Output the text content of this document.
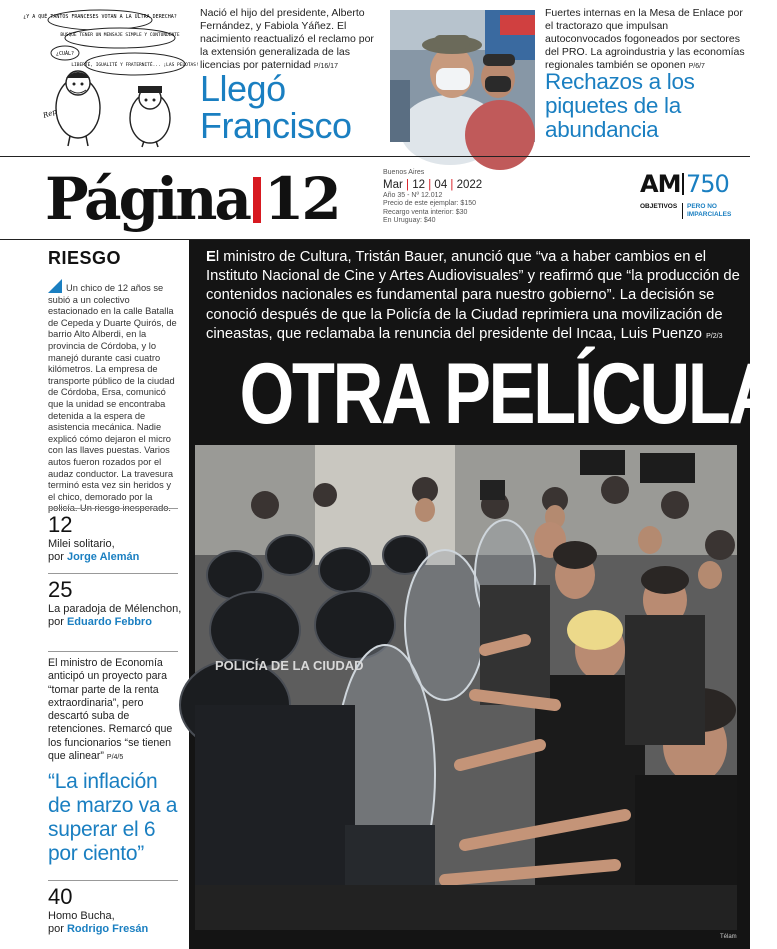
¿Y A QUÉ TANTOS FRANCESES VOTAN A LA ULTRA DERECHA?
BUSQUE TENER UN MENSAJE SIMPLE Y CONTUNDENTE
¿CUÁL?
LIBERTÉ, IGUALITÉ Y FRATERNITÉ... ¡LAS PELOTAS!
Rep
Nació el hijo del presidente, Alberto Fernández, y Fabiola Yáñez. El nacimiento reactualizó el reclamo por la extensión generalizada de las licencias por paternidad P/16/17
Llegó
Francisco
Fuertes internas en la Mesa de Enlace por el tractorazo que impulsan autoconvocados fogoneados por sectores del PRO. La agroindustria y las economías regionales también se oponen P/6/7
Rechazos a los
piquetes de la
abundancia
Página 12	Buenos Aires
Mar | 12 | 04 | 2022
Año 35 - Nº 12.012
Precio de este ejemplar: $150
Recargo venta interior: $30
En Uruguay: $40
AM 750
OBJETIVOS	PERO NO
IMPARCIALES
RIESGO
Un chico de 12 años se subió a un colectivo estacionado en la calle Batalla de Cepeda y Duarte Quirós, de barrio Alto Alberdi, en la provincia de Córdoba, y lo manejó durante casi cuatro kilómetros. La empresa de transporte público de la ciudad de Córdoba, Ersa, comunicó que la unidad se encontraba detenida a la espera de asistencia mecánica. Nadie explicó cómo dejaron el micro con las llaves puestas. Varios autos fueron rozados por el audaz conductor. La travesura terminó esta vez sin heridos y el chico, demorado por la
12
Milei solitario,
por Jorge Alemán
25
La paradoja de Mélenchon,
por Eduardo Febbro
El ministro de Economía anticipó un proyecto para “tomar parte de la renta extraordinaria”, pero descartó suba de retenciones. Remarcó que los funcionarios “se tienen que alinear” P/4/5
“La inflación de marzo va a superar el 6 por ciento”
40
Homo Bucha,
por Rodrigo Fresán
El ministro de Cultura, Tristán Bauer, anunció que “va a haber cambios en el Instituto Nacional de Cine y Artes Audiovisuales” y reafirmó que “la producción de contenidos nacionales es fundamental para nuestro gobierno”. La decisión se conoció después de que la Policía de la Ciudad reprimiera una movilización de cineastas, que reclamaba la renuncia del presidente del Incaa, Luis Puenzo P/2/3
OTRA PELÍCULA
POLICÍA DE LA CIUDAD
Télam
